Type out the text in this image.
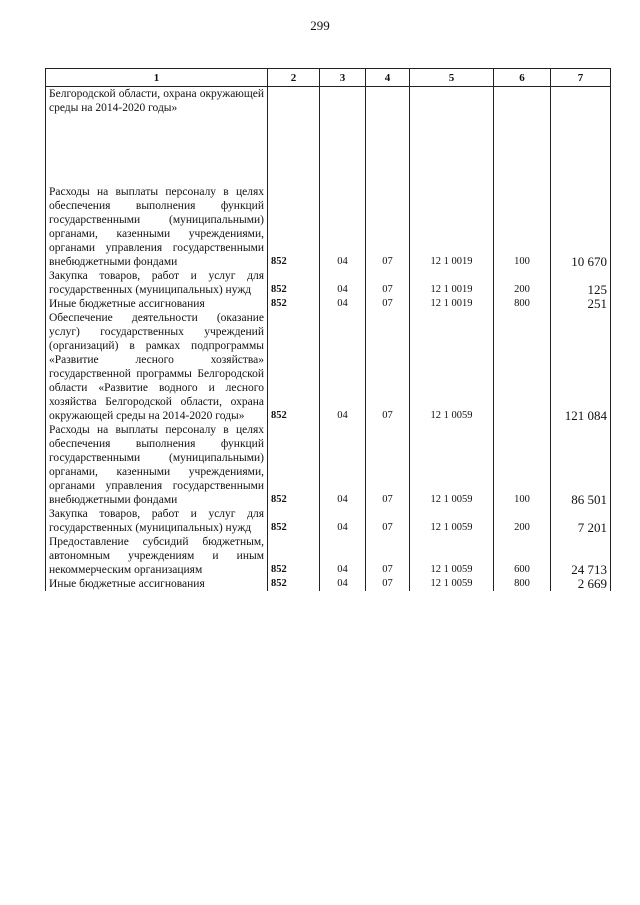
299
1	2	3	4	5	6	7
Белгородской области, охрана окружающей среды на 2014-2020 годы»						

Расходы на выплаты персоналу в целях обеспечения выполнения функций государственными (муниципальными) органами, казенными учреждениями, органами управления государственными внебюджетными фондами	852	04	07	12 1 0019	100	10 670
Закупка товаров, работ и услуг для государственных (муниципальных) нужд	852	04	07	12 1 0019	200	125
Иные бюджетные ассигнования	852	04	07	12 1 0019	800	251
Обеспечение деятельности (оказание услуг) государственных учреждений (организаций) в рамках подпрограммы «Развитие лесного хозяйства» государственной программы Белгородской области «Развитие водного и лесного хозяйства Белгородской области, охрана окружающей среды на 2014-2020 годы»	852	04	07	12 1 0059		121 084
Расходы на выплаты персоналу в целях обеспечения выполнения функций государственными (муниципальными) органами, казенными учреждениями, органами управления государственными внебюджетными фондами	852	04	07	12 1 0059	100	86 501
Закупка товаров, работ и услуг для государственных (муниципальных) нужд	852	04	07	12 1 0059	200	7 201
Предоставление субсидий бюджетным, автономным учреждениям и иным некоммерческим организациям	852	04	07	12 1 0059	600	24 713
Иные бюджетные ассигнования	852	04	07	12 1 0059	800	2 669
